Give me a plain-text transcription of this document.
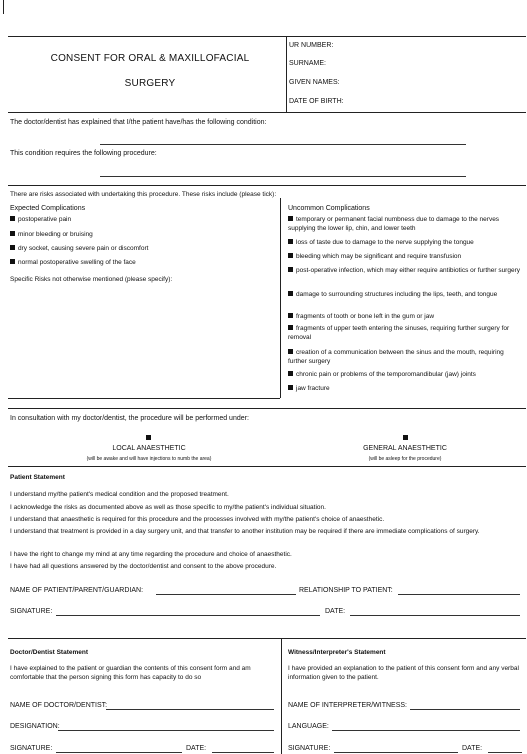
CONSENT FOR ORAL & MAXILLOFACIAL
SURGERY
UR NUMBER:
SURNAME:
GIVEN NAMES:
DATE OF BIRTH:
The doctor/dentist has explained that I/the patient have/has the following condition:
This condition requires the following procedure:
There are risks associated with undertaking this procedure. These risks include (please tick):
Expected Complications
postoperative pain
minor bleeding or bruising
dry socket, causing severe pain or discomfort
normal postoperative swelling of the face
Specific Risks not otherwise mentioned (please specify):
Uncommon Complications
temporary or permanent facial numbness due to damage to the nerves supplying the lower lip, chin, and lower teeth
loss of taste due to damage to the nerve supplying the tongue
bleeding which may be significant and require transfusion
post-operative infection, which may either require antibiotics or further surgery
damage to surrounding structures including the lips, teeth, and tongue
fragments of tooth or bone left in the gum or jaw
fragments of upper teeth entering the sinuses, requiring further surgery for removal
creation of a communication between the sinus and the mouth, requiring further surgery
chronic pain or problems of the temporomandibular (jaw) joints
jaw fracture
In consultation with my doctor/dentist, the procedure will be performed under:
LOCAL ANAESTHETIC
(will be awake and will have injections to numb the area)
GENERAL ANAESTHETIC
(will be asleep for the procedure)
Patient Statement
I understand my/the patient's medical condition and the proposed treatment.
I acknowledge the risks as documented above as well as those specific to my/the patient's individual situation.
I understand that anaesthetic is required for this procedure and the processes involved with my/the patient's choice of anaesthetic.
I understand that treatment is provided in a day surgery unit, and that transfer to another institution may be required if there are immediate complications of surgery.
I have the right to change my mind at any time regarding the procedure and choice of anaesthetic.
I have had all questions answered by the doctor/dentist and consent to the above procedure.
NAME OF PATIENT/PARENT/GUARDIAN:	RELATIONSHIP TO PATIENT:
SIGNATURE:	DATE:
Doctor/Dentist Statement
I have explained to the patient or guardian the contents of this consent form and am comfortable that the person signing this form has capacity to do so
NAME OF DOCTOR/DENTIST:
DESIGNATION:
SIGNATURE:	DATE:
Witness/Interpreter's Statement
I have provided an explanation to the patient of this consent form and any verbal information given to the patient.
NAME OF INTERPRETER/WITNESS:
LANGUAGE:
SIGNATURE:	DATE:
